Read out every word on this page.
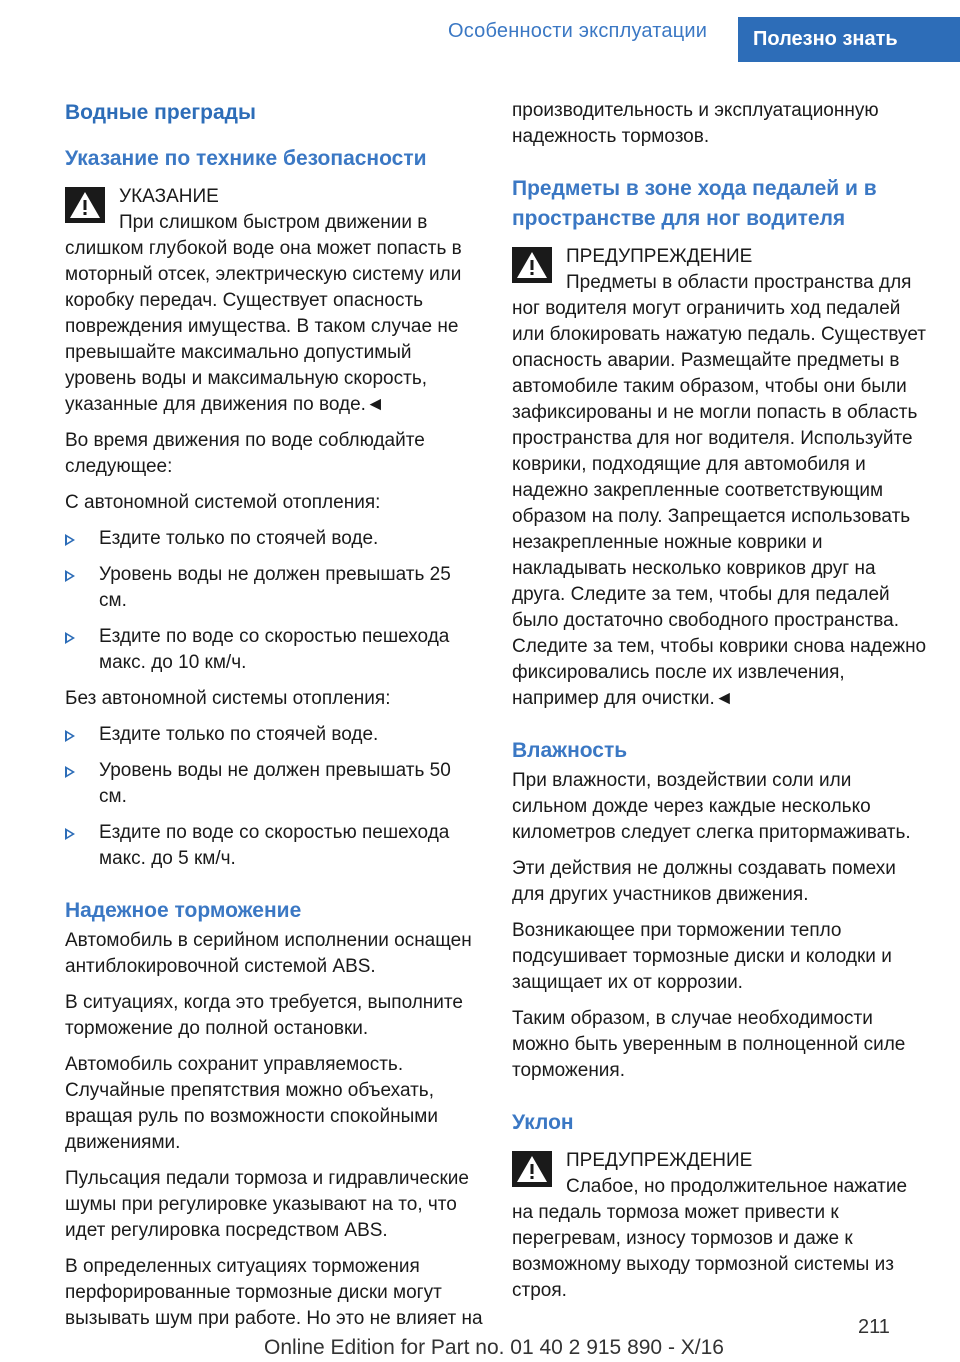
Особенности эксплуатации	Полезно знать
Водные преграды
Указание по технике безопасности
УКАЗАНИЕ
При слишком быстром движении в слишком глубокой воде она может попасть в моторный отсек, электрическую систему или коробку передач. Существует опасность повреждения имущества. В таком случае не превышайте максимально допустимый уровень воды и максимальную скорость, указанные для движения по воде.◄

Во время движения по воде соблюдайте следующее:

С автономной системой отопления:

Ездите только по стоячей воде.
Уровень воды не должен превышать 25 см.
Ездите по воде со скоростью пешехода макс. до 10 км/ч.

Без автономной системы отопления:

Ездите только по стоячей воде.
Уровень воды не должен превышать 50 см.
Ездите по воде со скоростью пешехода макс. до 5 км/ч.
Надежное торможение

Автомобиль в серийном исполнении оснащен антиблокировочной системой ABS.

В ситуациях, когда это требуется, выполните торможение до полной остановки.

Автомобиль сохранит управляемость. Случайные препятствия можно объехать, вращая руль по возможности спокойными движениями.

Пульсация педали тормоза и гидравлические шумы при регулировке указывают на то, что идет регулировка посредством ABS.

В определенных ситуациях торможения перфорированные тормозные диски могут вызывать шум при работе. Но это не влияет на

производительность и эксплуатационную надежность тормозов.

Предметы в зоне хода педалей и в пространстве для ног водителя
ПРЕДУПРЕЖДЕНИЕ
Предметы в области пространства для ног водителя могут ограничить ход педалей или блокировать нажатую педаль. Существует опасность аварии. Размещайте предметы в автомобиле таким образом, чтобы они были зафиксированы и не могли попасть в область пространства для ног водителя. Используйте коврики, подходящие для автомобиля и надежно закрепленные соответствующим образом на полу. Запрещается использовать незакрепленные ножные коврики и накладывать несколько ковриков друг на друга. Следите за тем, чтобы для педалей было достаточно свободного пространства. Следите за тем, чтобы коврики снова надежно фиксировались после их извлечения, например для очистки.◄
Влажность

При влажности, воздействии соли или сильном дожде через каждые несколько километров следует слегка притормаживать.

Эти действия не должны создавать помехи для других участников движения.

Возникающее при торможении тепло подсушивает тормозные диски и колодки и защищает их от коррозии.

Таким образом, в случае необходимости можно быть уверенным в полноценной силе торможения.

Уклон
ПРЕДУПРЕЖДЕНИЕ
Слабое, но продолжительное нажатие на педаль тормоза может привести к перегревам, износу тормозов и даже к возможному выходу тормозной системы из строя.
211
Online Edition for Part no. 01 40 2 915 890 - X/16
